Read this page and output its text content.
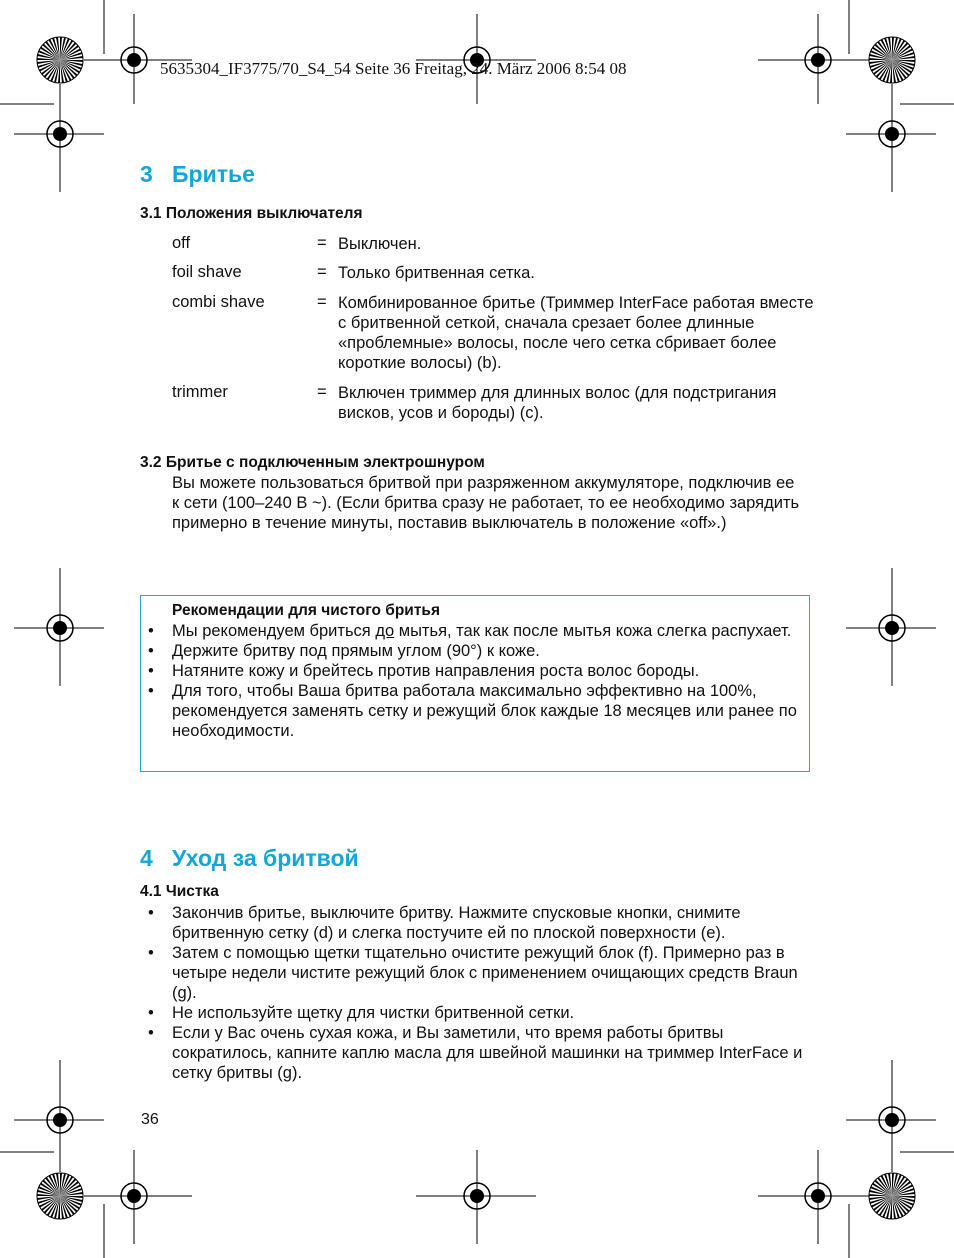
5635304_IF3775/70_S4_54 Seite 36 Freitag, 24. März 2006 8:54 08
3 Бритье
3.1 Положения выключателя
off	= Выключен.
foil shave	= Только бритвенная сетка.
combi shave	= Комбинированное бритье (Триммер InterFace работая вместе с бритвенной сеткой, сначала срезает более длинные «проблемные» волосы, после чего сетка сбривает более короткие волосы) (b).
trimmer	= Включен триммер для длинных волос (для подстригания висков, усов и бороды) (c).
3.2 Бритье с подключенным электрошнуром
Вы можете пользоваться бритвой при разряженном аккумуляторе, подключив ее к сети (100–240 В ~). (Если бритва сразу не работает, то ее необходимо зарядить примерно в течение минуты, поставив выключатель в положение «off».)
Рекомендации для чистого бритья
• Мы рекомендуем бриться до мытья, так как после мытья кожа слегка распухает.
• Держите бритву под прямым углом (90°) к коже.
• Натяните кожу и брейтесь против направления роста волос бороды.
• Для того, чтобы Ваша бритва работала максимально эффективно на 100%, рекомендуется заменять сетку и режущий блок каждые 18 месяцев или ранее по необходимости.
4 Уход за бритвой
4.1 Чистка
• Закончив бритье, выключите бритву. Нажмите спусковые кнопки, снимите бритвенную сетку (d) и слегка постучите ей по плоской поверхности (e).
• Затем с помощью щетки тщательно очистите режущий блок (f). Примерно раз в четыре недели чистите режущий блок с применением очищающих средств Braun (g).
• Не используйте щетку для чистки бритвенной сетки.
• Если у Вас очень сухая кожа, и Вы заметили, что время работы бритвы сократилось, капните каплю масла для швейной машинки на триммер InterFace и сетку бритвы (g).
36
